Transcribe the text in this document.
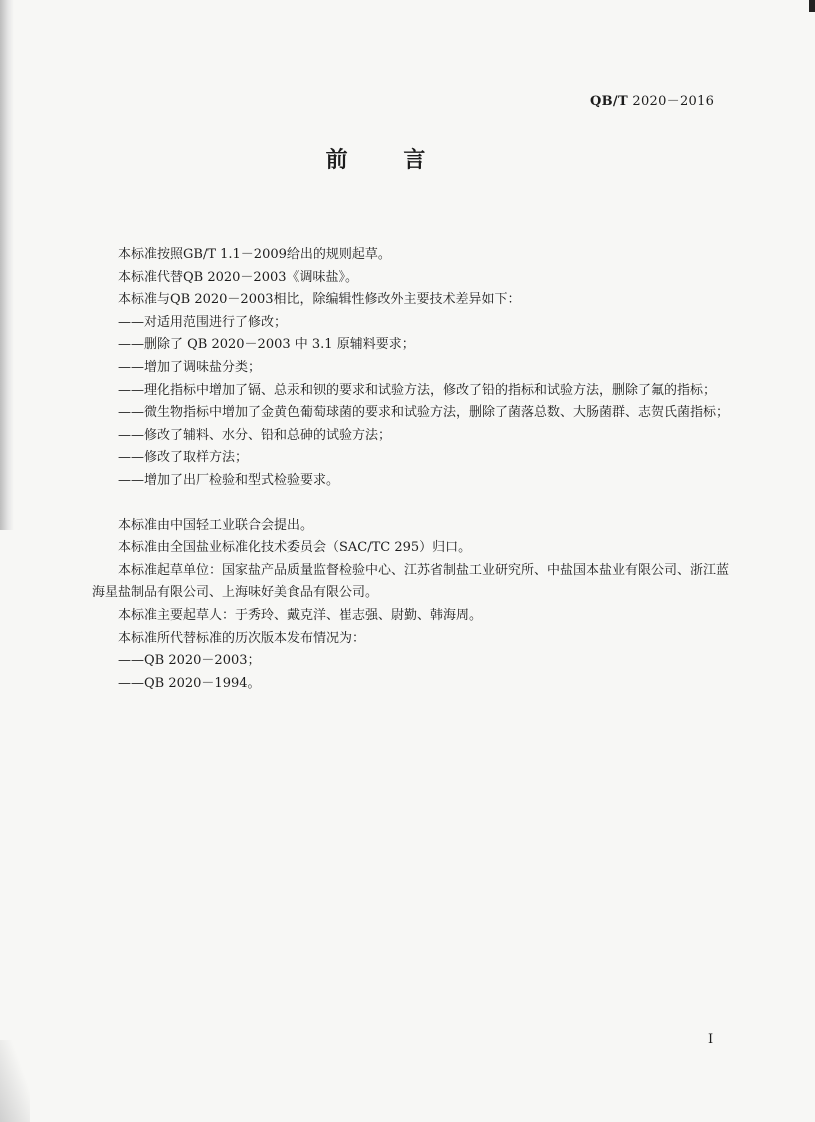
QB/T 2020－2016
前 言

本标准按照GB/T 1.1－2009给出的规则起草。

本标准代替QB 2020－2003《调味盐》。

本标准与QB 2020－2003相比，除编辑性修改外主要技术差异如下：

——对适用范围进行了修改；

——删除了 QB 2020－2003 中 3.1 原辅料要求；

——增加了调味盐分类；

——理化指标中增加了镉、总汞和钡的要求和试验方法，修改了铅的指标和试验方法，删除了氟的指标；

——微生物指标中增加了金黄色葡萄球菌的要求和试验方法，删除了菌落总数、大肠菌群、志贺氏菌指标；

——修改了辅料、水分、铅和总砷的试验方法；

——修改了取样方法；

——增加了出厂检验和型式检验要求。

本标准由中国轻工业联合会提出。

本标准由全国盐业标准化技术委员会（SAC/TC 295）归口。

本标准起草单位：国家盐产品质量监督检验中心、江苏省制盐工业研究所、中盐国本盐业有限公司、浙江蓝海星盐制品有限公司、上海味好美食品有限公司。

本标准主要起草人：于秀玲、戴克洋、崔志强、尉勤、韩海周。

本标准所代替标准的历次版本发布情况为：

——QB 2020－2003；

——QB 2020－1994。

I
